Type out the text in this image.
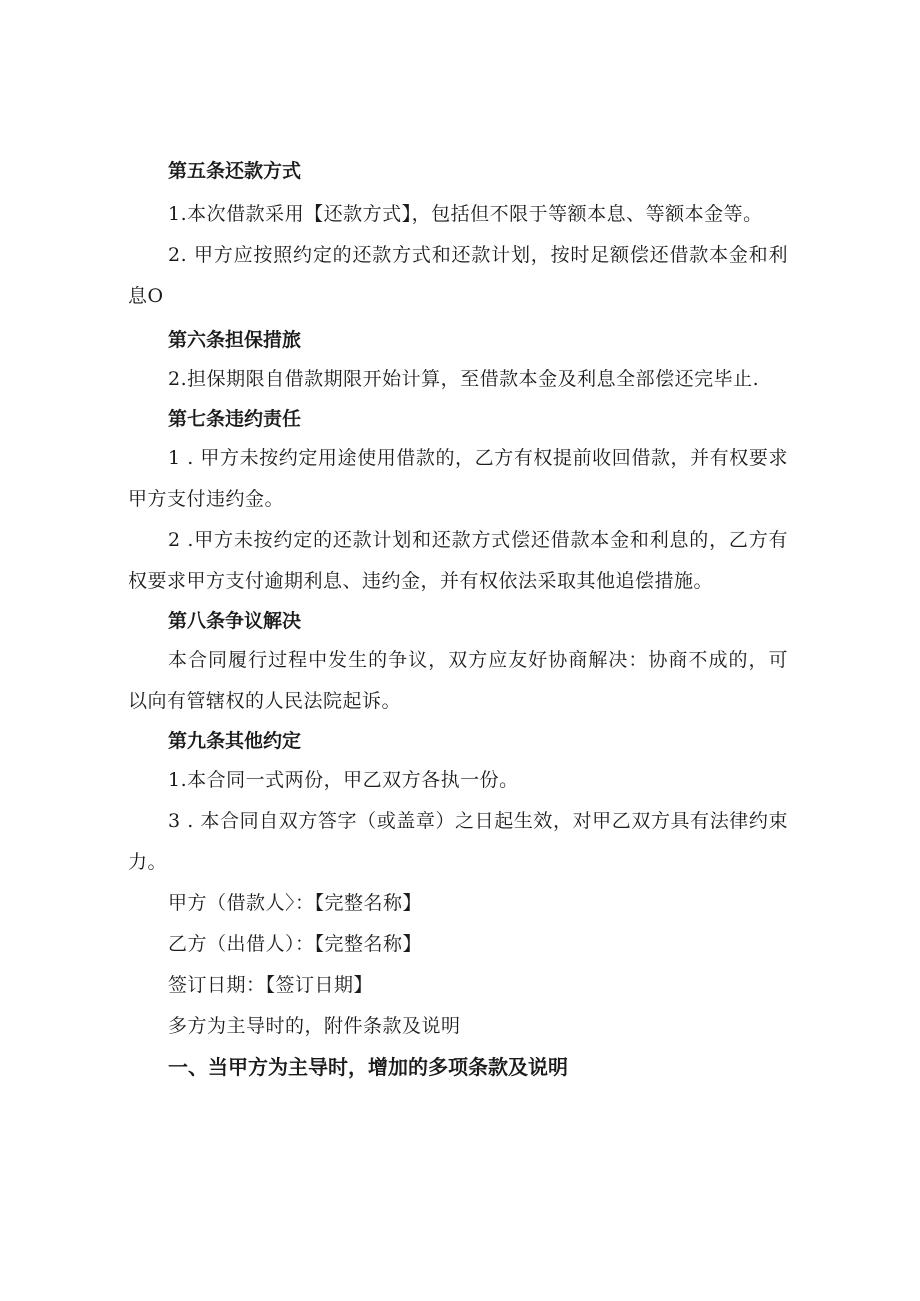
第五条还款方式
1.本次借款采用【还款方式】，包括但不限于等额本息、等额本金等。
2. 甲方应按照约定的还款方式和还款计划，按时足额偿还借款本金和利息O
第六条担保措旅
2.担保期限自借款期限开始计算，至借款本金及利息全部偿还完毕止.
第七条违约责任
1 . 甲方未按约定用途使用借款的，乙方有权提前收回借款，并有权要求甲方支付违约金。
2 .甲方未按约定的还款计划和还款方式偿还借款本金和利息的，乙方有权要求甲方支付逾期利息、违约金，并有权依法采取其他追偿措施。
第八条争议解决
本合同履行过程中发生的争议，双方应友好协商解决：协商不成的，可以向有管辖权的人民法院起诉。
第九条其他约定
1.本合同一式两份，甲乙双方各执一份。
3 . 本合同自双方答字（或盖章）之日起生效，对甲乙双方具有法律约束力。
甲方（借款人〉：【完整名称】
乙方（出借人）：【完整名称】
签订日期：【签订日期】
多方为主导时的，附件条款及说明
一、当甲方为主导时，增加的多项条款及说明
